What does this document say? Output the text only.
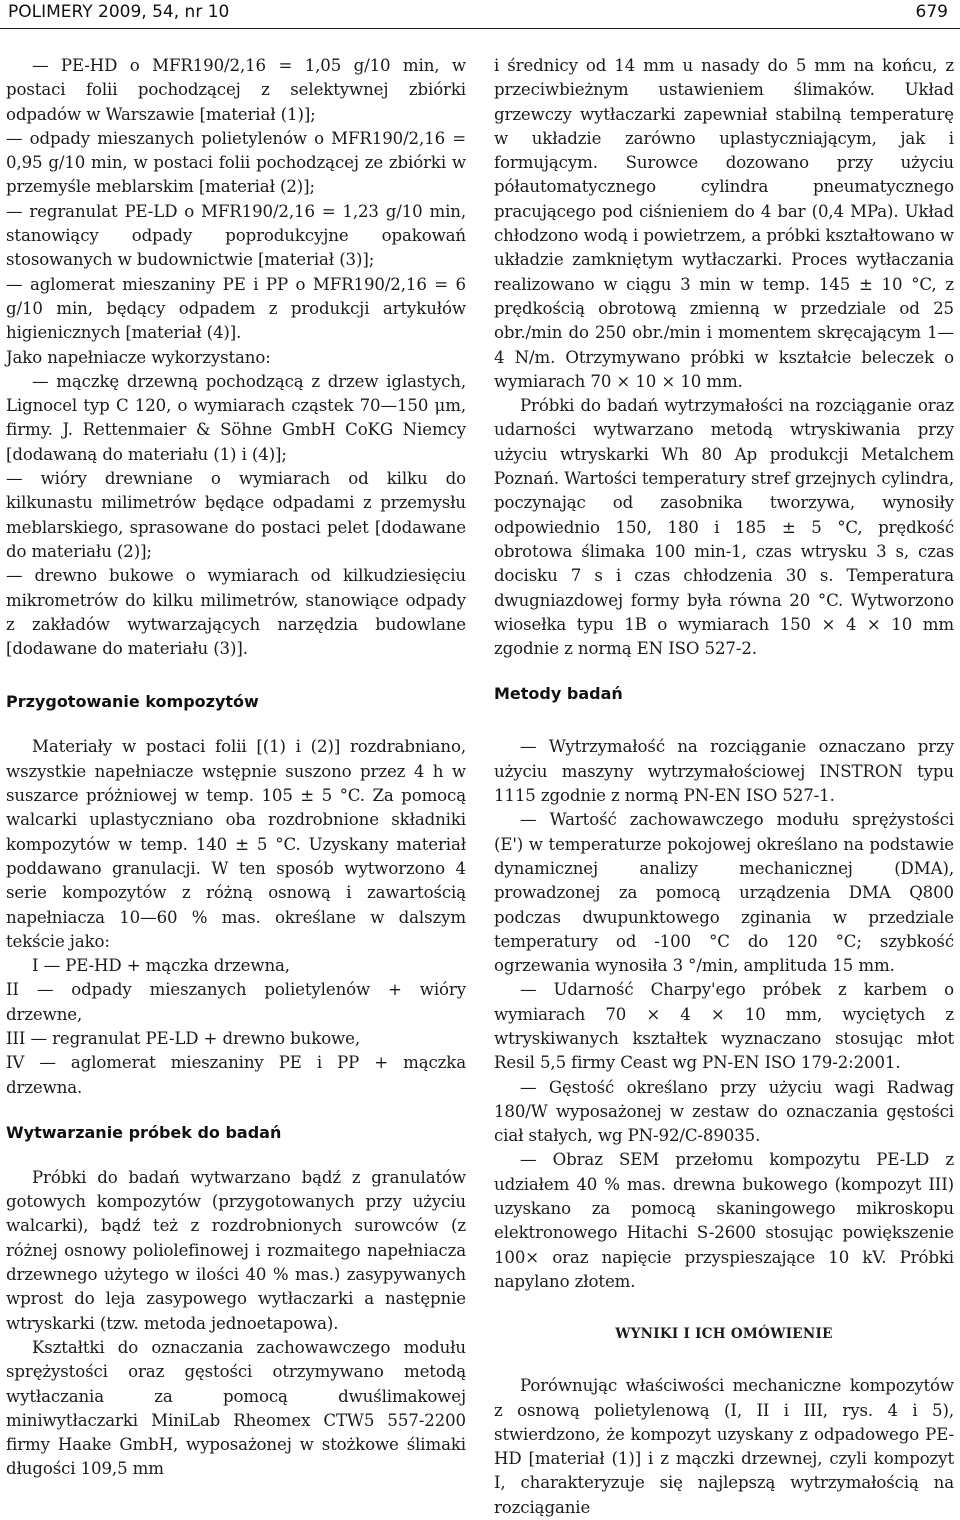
POLIMERY 2009, 54, nr 10	679

— PE-HD o MFR190/2,16 = 1,05 g/10 min, w postaci folii pochodzącej z selektywnej zbiórki odpadów w Warszawie [materiał (1)];
— odpady mieszanych polietylenów o MFR190/2,16 = 0,95 g/10 min, w postaci folii pochodzącej ze zbiórki w przemyśle meblarskim [materiał (2)];
— regranulat PE-LD o MFR190/2,16 = 1,23 g/10 min, stanowiący odpady poprodukcyjne opakowań stosowanych w budownictwie [materiał (3)];
— aglomerat mieszaniny PE i PP o MFR190/2,16 = 6 g/10 min, będący odpadem z produkcji artykułów higienicznych [materiał (4)].

Jako napełniacze wykorzystano:

— mączkę drzewną pochodzącą z drzew iglastych, Lignocel typ C 120, o wymiarach cząstek 70—150 μm, firmy. J. Rettenmaier & Söhne GmbH CoKG Niemcy [dodawaną do materiału (1) i (4)];
— wióry drewniane o wymiarach od kilku do kilkunastu milimetrów będące odpadami z przemysłu meblarskiego, sprasowane do postaci pelet [dodawane do materiału (2)];
— drewno bukowe o wymiarach od kilkudziesięciu mikrometrów do kilku milimetrów, stanowiące odpady z zakładów wytwarzających narzędzia budowlane [dodawane do materiału (3)].

Przygotowanie kompozytów

Materiały w postaci folii [(1) i (2)] rozdrabniano, wszystkie napełniacze wstępnie suszono przez 4 h w suszarce próżniowej w temp. 105 ± 5 °C. Za pomocą walcarki uplastyczniano oba rozdrobnione składniki kompozytów w temp. 140 ± 5 °C. Uzyskany materiał poddawano granulacji. W ten sposób wytworzono 4 serie kompozytów z różną osnową i zawartością napełniacza 10—60 % mas. określane w dalszym tekście jako:

I — PE-HD + mączka drzewna,
II — odpady mieszanych polietylenów + wióry drzewne,
III — regranulat PE-LD + drewno bukowe,
IV — aglomerat mieszaniny PE i PP + mączka drzewna.

Wytwarzanie próbek do badań

Próbki do badań wytwarzano bądź z granulatów gotowych kompozytów (przygotowanych przy użyciu walcarki), bądź też z rozdrobnionych surowców (z różnej osnowy poliolefinowej i rozmaitego napełniacza drzewnego użytego w ilości 40 % mas.) zasypywanych wprost do leja zasypowego wytłaczarki a następnie wtryskarki (tzw. metoda jednoetapowa).

Kształtki do oznaczania zachowawczego modułu sprężystości oraz gęstości otrzymywano metodą wytłaczania za pomocą dwuślimakowej miniwytłaczarki MiniLab Rheomex CTW5 557-2200 firmy Haake GmbH, wyposażonej w stożkowe ślimaki długości 109,5 mm

i średnicy od 14 mm u nasady do 5 mm na końcu, z przeciwbieżnym ustawieniem ślimaków. Układ grzewczy wytłaczarki zapewniał stabilną temperaturę w układzie zarówno uplastyczniającym, jak i formującym. Surowce dozowano przy użyciu półautomatycznego cylindra pneumatycznego pracującego pod ciśnieniem do 4 bar (0,4 MPa). Układ chłodzono wodą i powietrzem, a próbki kształtowano w układzie zamkniętym wytłaczarki. Proces wytłaczania realizowano w ciągu 3 min w temp. 145 ± 10 °C, z prędkością obrotową zmienną w przedziale od 25 obr./min do 250 obr./min i momentem skręcającym 1—4 N/m. Otrzymywano próbki w kształcie beleczek o wymiarach 70 × 10 × 10 mm.

Próbki do badań wytrzymałości na rozciąganie oraz udarności wytwarzano metodą wtryskiwania przy użyciu wtryskarki Wh 80 Ap produkcji Metalchem Poznań. Wartości temperatury stref grzejnych cylindra, poczynając od zasobnika tworzywa, wynosiły odpowiednio 150, 180 i 185 ± 5 °C, prędkość obrotowa ślimaka 100 min-1, czas wtrysku 3 s, czas docisku 7 s i czas chłodzenia 30 s. Temperatura dwugniazdowej formy była równa 20 °C. Wytworzono wiosełka typu 1B o wymiarach 150 × 4 × 10 mm zgodnie z normą EN ISO 527-2.

Metody badań

— Wytrzymałość na rozciąganie oznaczano przy użyciu maszyny wytrzymałościowej INSTRON typu 1115 zgodnie z normą PN-EN ISO 527-1.

— Wartość zachowawczego modułu sprężystości (E') w temperaturze pokojowej określano na podstawie dynamicznej analizy mechanicznej (DMA), prowadzonej za pomocą urządzenia DMA Q800 podczas dwupunktowego zginania w przedziale temperatury od -100 °C do 120 °C; szybkość ogrzewania wynosiła 3 °/min, amplituda 15 mm.

— Udarność Charpy'ego próbek z karbem o wymiarach 70 × 4 × 10 mm, wyciętych z wtryskiwanych kształtek wyznaczano stosując młot Resil 5,5 firmy Ceast wg PN-EN ISO 179-2:2001.

— Gęstość określano przy użyciu wagi Radwag 180/W wyposażonej w zestaw do oznaczania gęstości ciał stałych, wg PN-92/C-89035.

— Obraz SEM przełomu kompozytu PE-LD z udziałem 40 % mas. drewna bukowego (kompozyt III) uzyskano za pomocą skaningowego mikroskopu elektronowego Hitachi S-2600 stosując powiększenie 100× oraz napięcie przyspieszające 10 kV. Próbki napylano złotem.

WYNIKI I ICH OMÓWIENIE

Porównując właściwości mechaniczne kompozytów z osnową polietylenową (I, II i III, rys. 4 i 5), stwierdzono, że kompozyt uzyskany z odpadowego PE-HD [materiał (1)] i z mączki drzewnej, czyli kompozyt I, charakteryzuje się najlepszą wytrzymałością na rozciąganie
